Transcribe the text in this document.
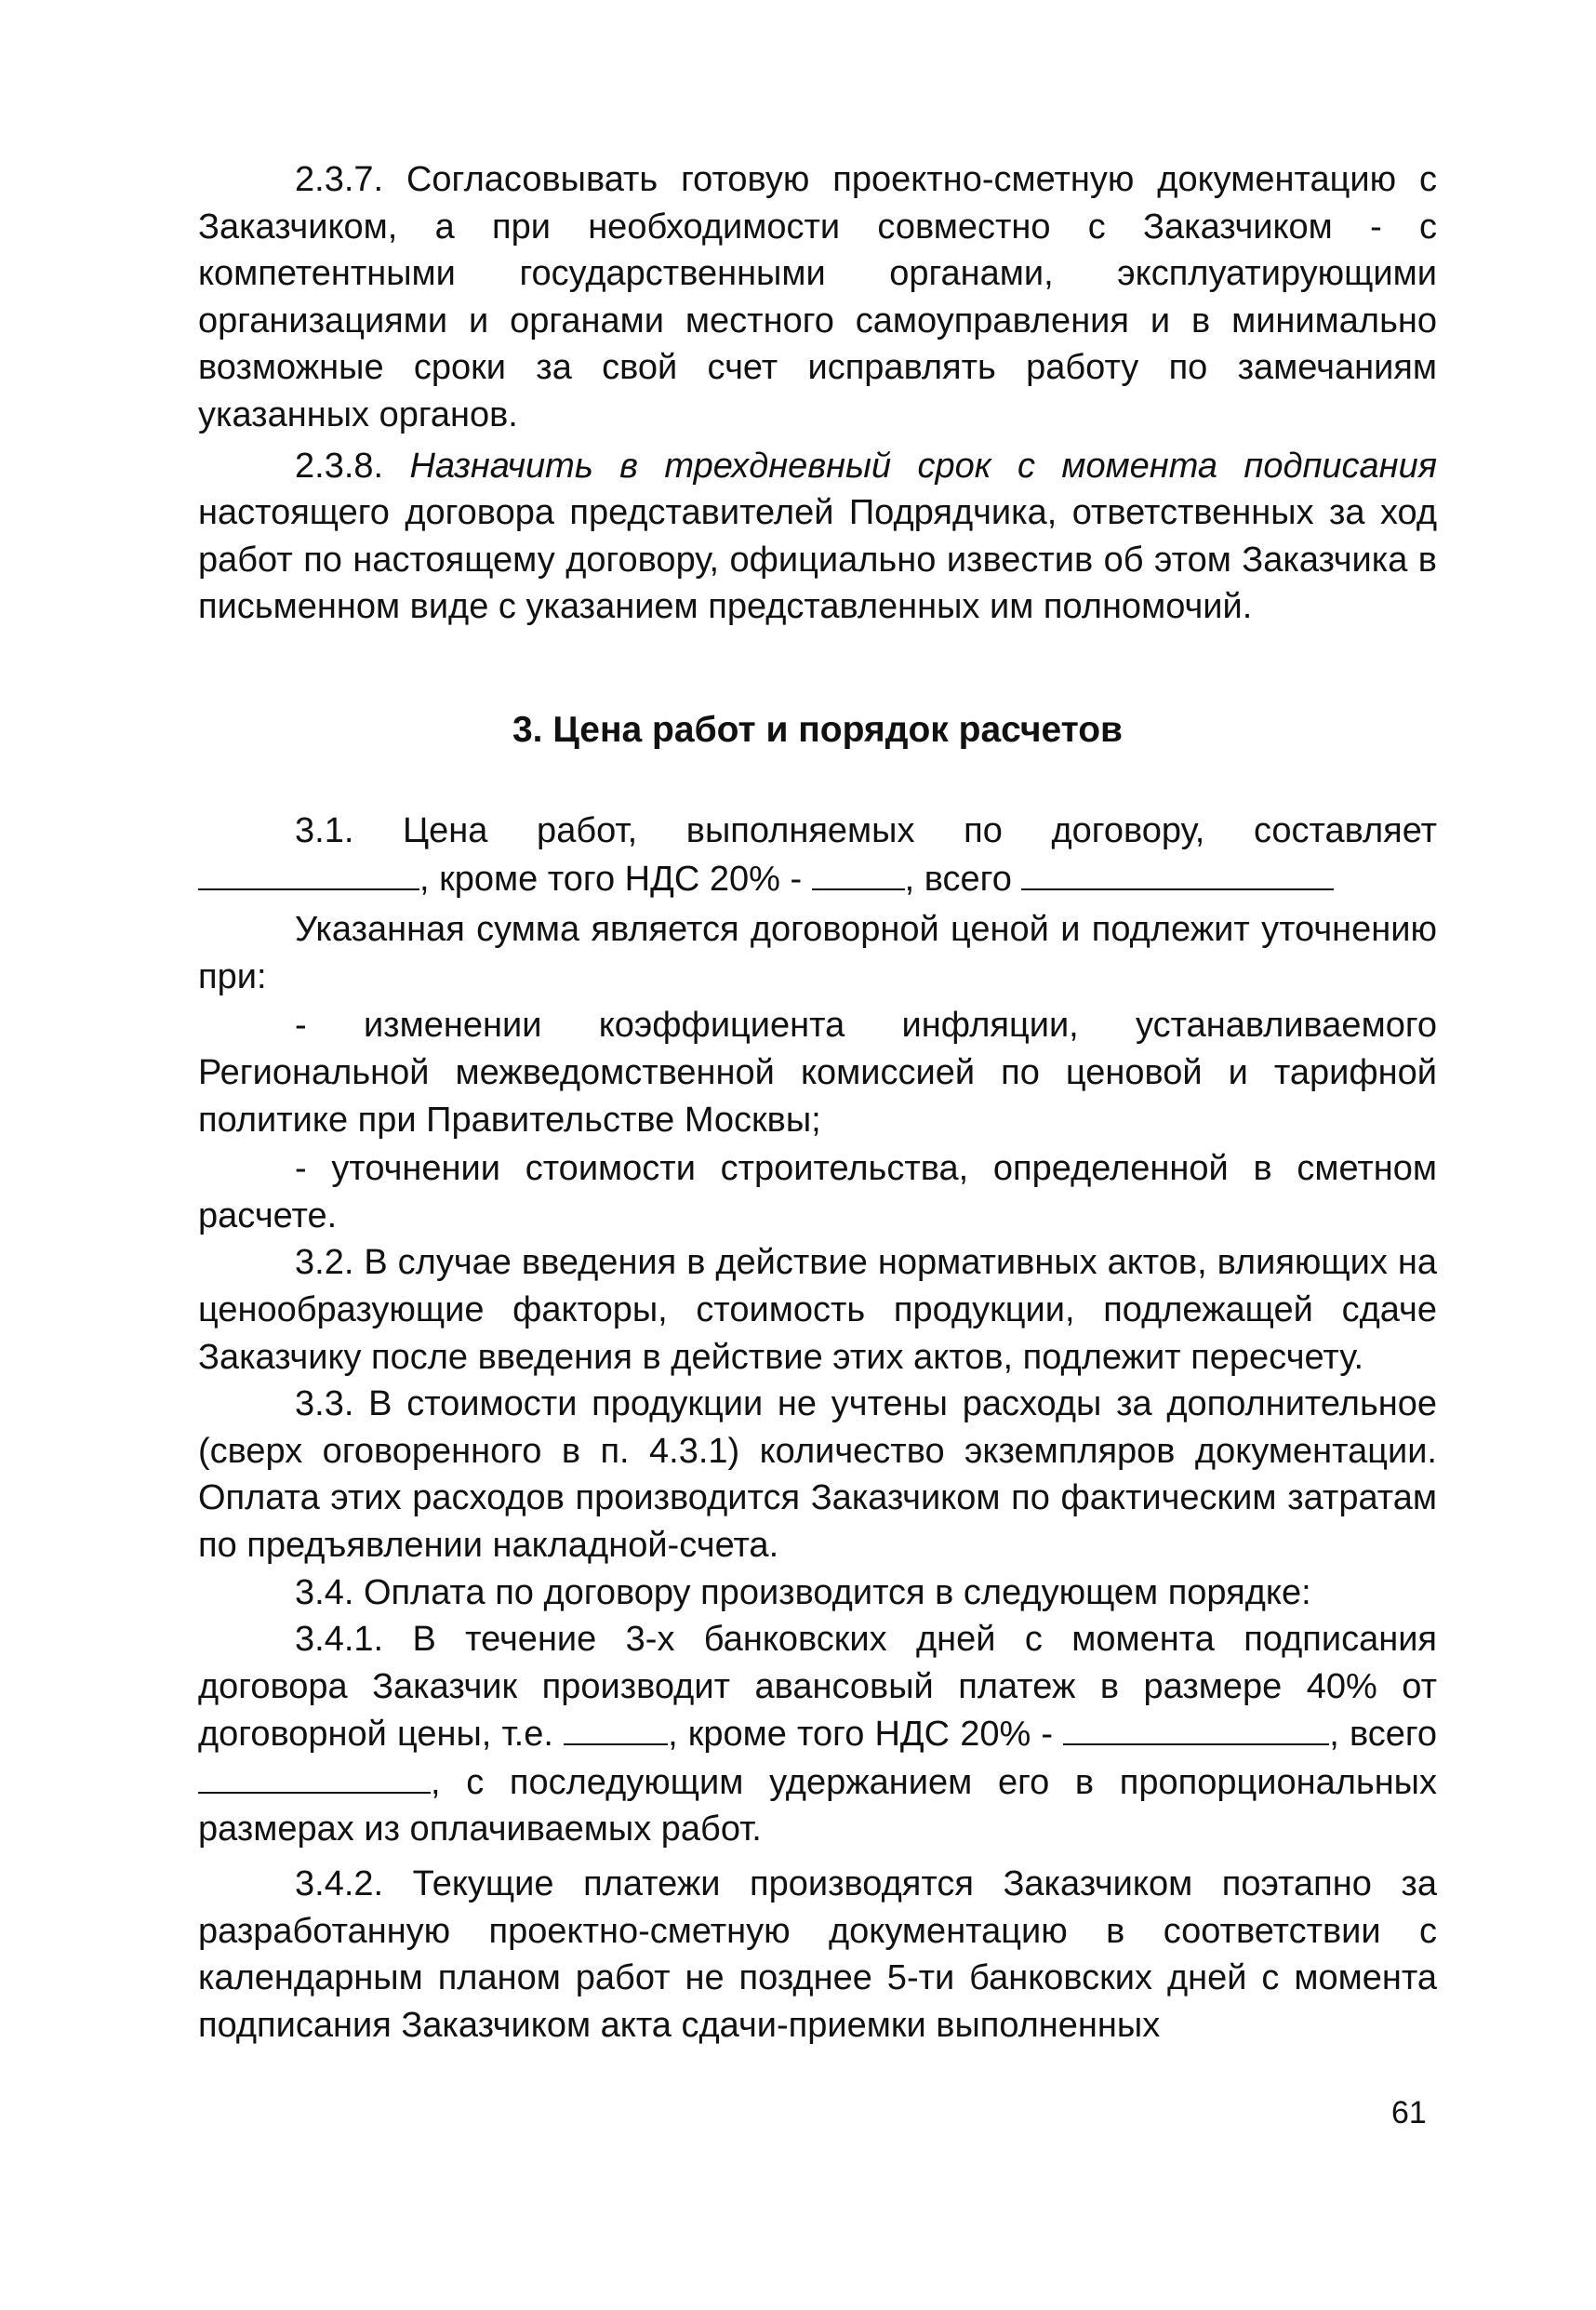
2.3.7. Согласовывать готовую проектно-сметную документацию с Заказчиком, а при необходимости совместно с Заказчиком - с компетентными государственными органами, эксплуатирующими организациями и органами местного самоуправления и в минимально возможные сроки за свой счет исправлять работу по замечаниям указанных органов.

2.3.8. Назначить в трехдневный срок с момента подписания настоящего договора представителей Подрядчика, ответственных за ход работ по настоящему договору, официально известив об этом Заказчика в письменном виде с указанием представленных им полномочий.

3. Цена работ и порядок расчетов

3.1. Цена работ, выполняемых по договору, составляет

, кроме того НДС 20% -	, всего

Указанная сумма является договорной ценой и подлежит уточнению при:

- изменении коэффициента инфляции, устанавливаемого Региональной межведомственной комиссией по ценовой и тарифной политике при Правительстве Москвы;

- уточнении стоимости строительства, определенной в сметном расчете.

3.2. В случае введения в действие нормативных актов, влияющих на ценообразующие факторы, стоимость продукции, подлежащей сдаче Заказчику после введения в действие этих актов, подлежит пересчету.

3.3. В стоимости продукции не учтены расходы за дополнительное (сверх оговоренного в п. 4.3.1) количество экземпляров документации. Оплата этих расходов производится Заказчиком по фактическим затратам по предъявлении накладной-счета.

3.4. Оплата по договору производится в следующем порядке:

3.4.1. В течение 3-х банковских дней с момента подписания договора Заказчик производит авансовый платеж в размере 40% от договорной цены, т.е.	, кроме того НДС 20% -	, всего , с последующим удержанием его в пропорциональных размерах из оплачиваемых работ.

3.4.2. Текущие платежи производятся Заказчиком поэтапно за разработанную проектно-сметную документацию в соответствии с календарным планом работ не позднее 5-ти банковских дней с момента подписания Заказчиком акта сдачи-приемки выполненных

61
